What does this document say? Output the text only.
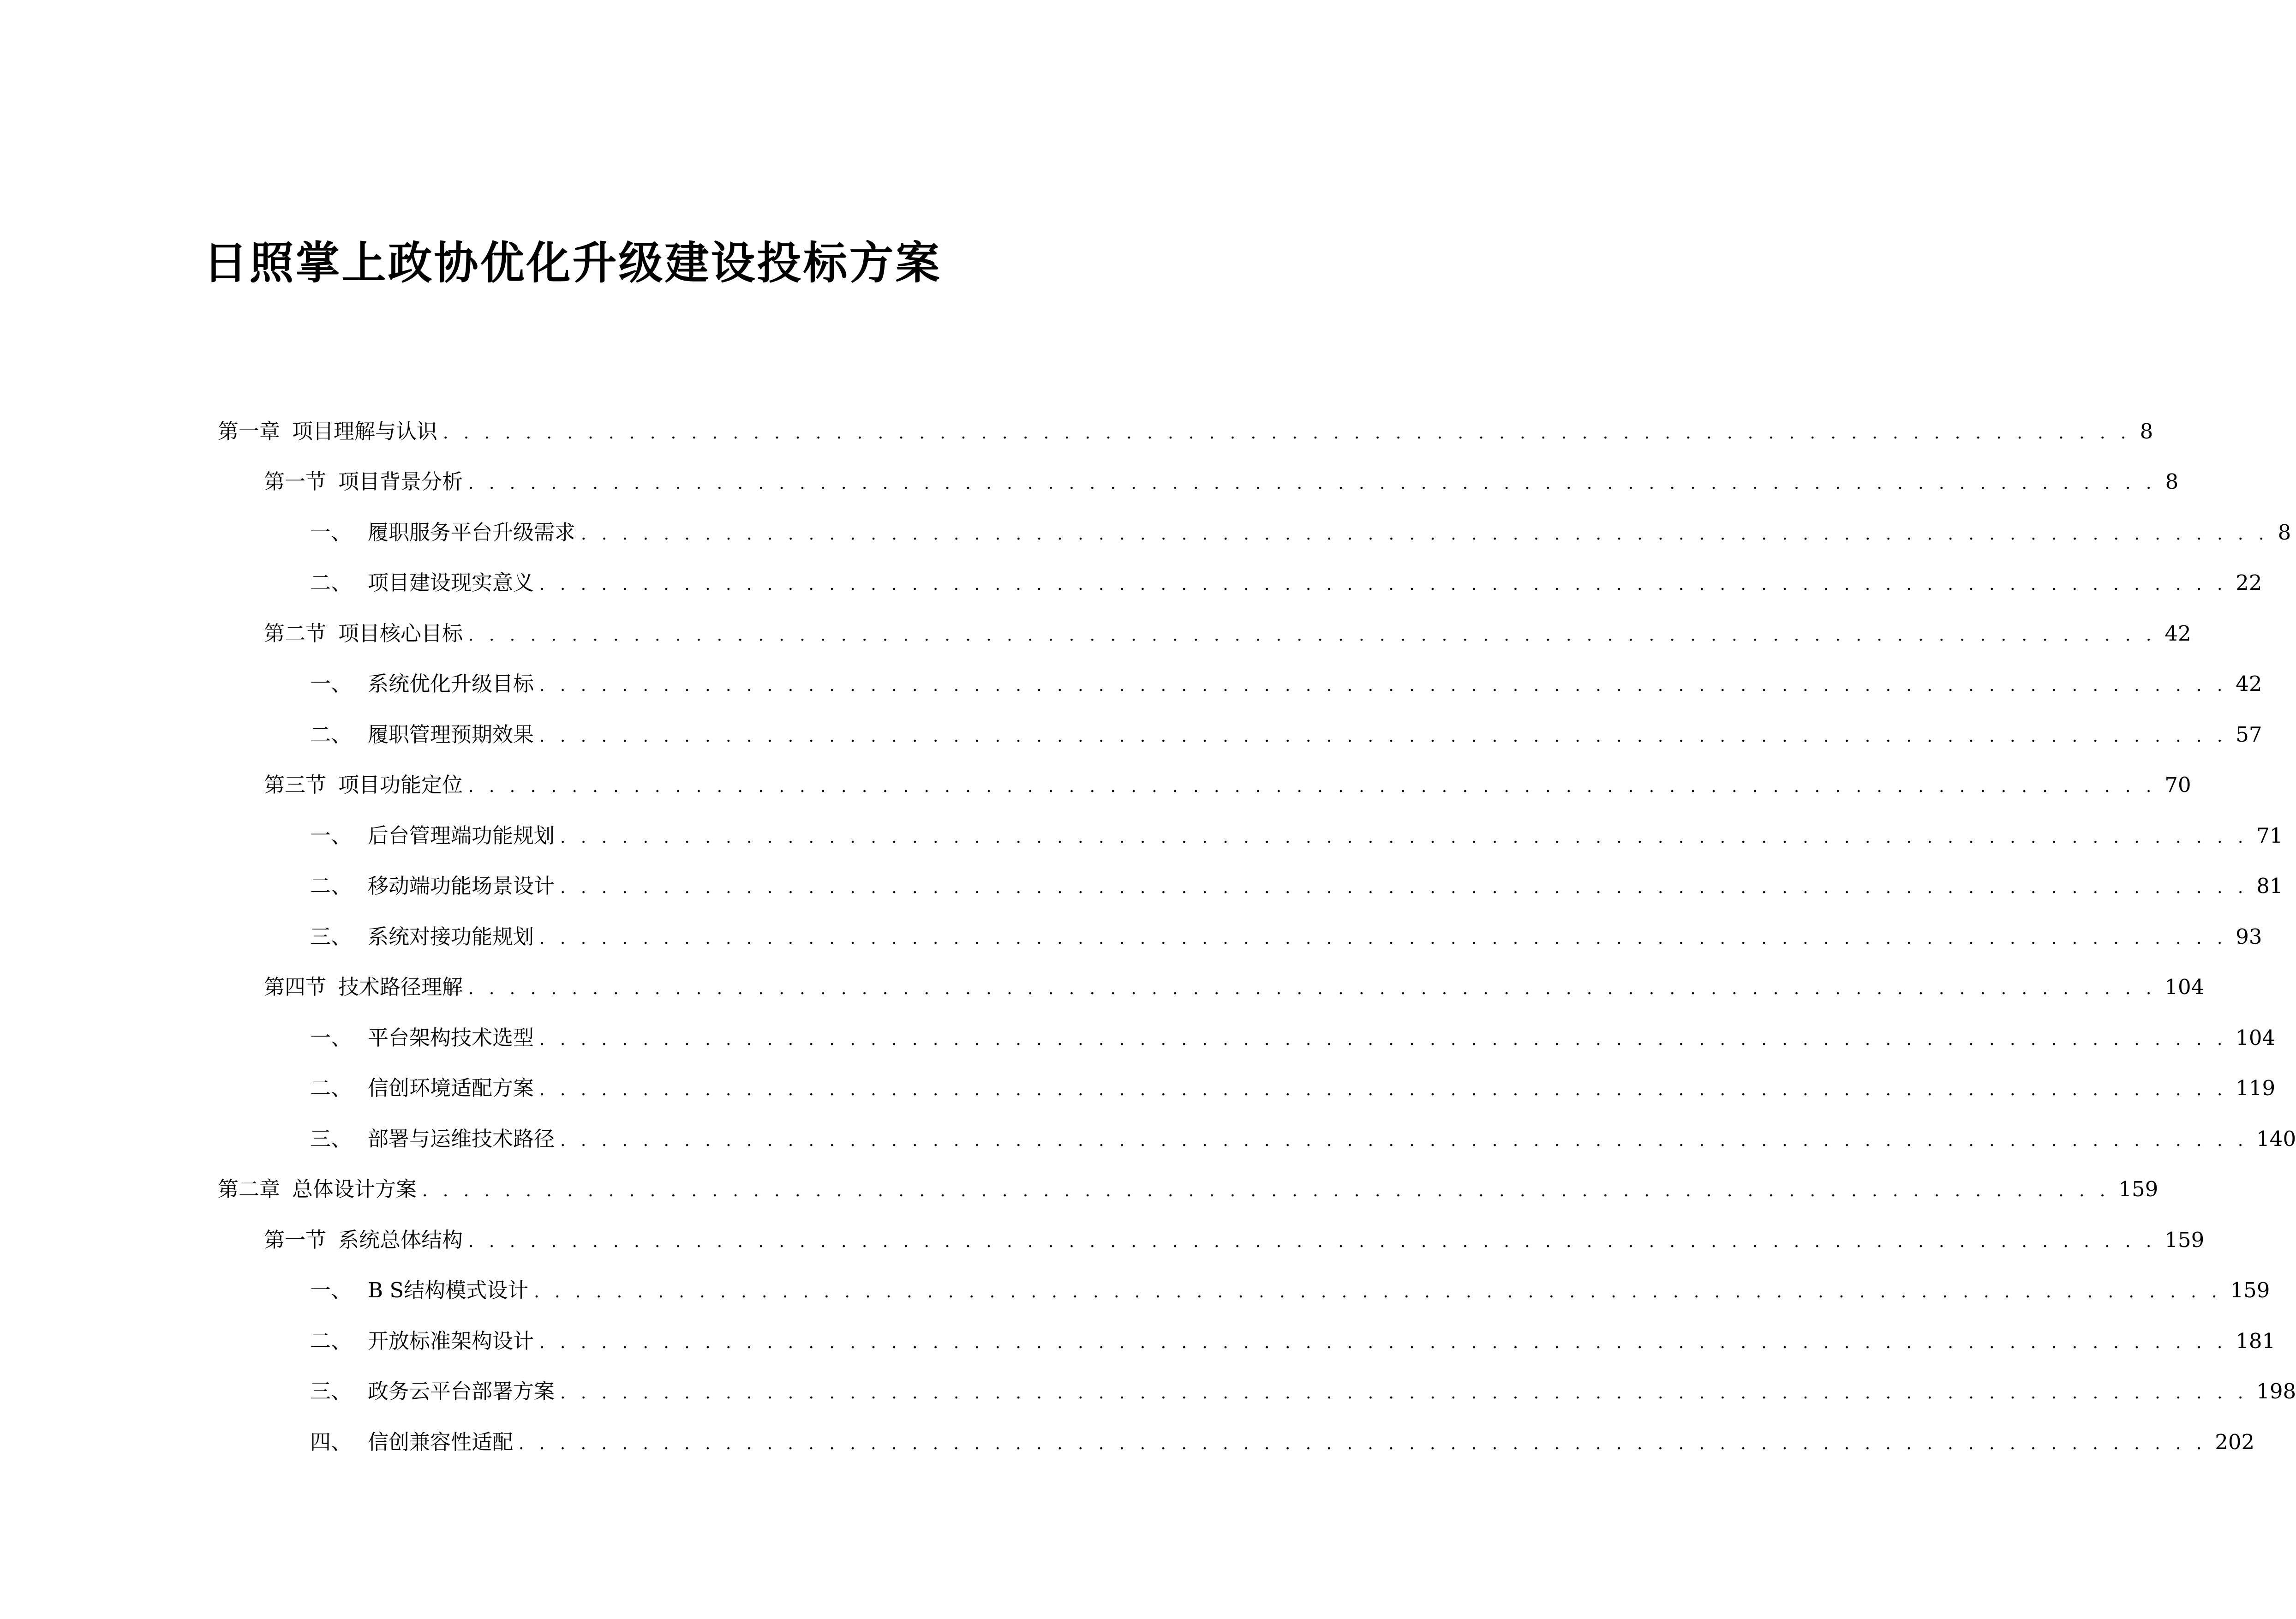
日照掌上政协优化升级建设投标方案
第一章 项目理解与认识 . . . . . . . . . . . . . . . . . . . . . . . . . . . . . . . . . . . . . . . . . . . . . . . . . . . . . . . . . . . . . . . . . . . . . . . . . . . . . . . . . . 8
第一节 项目背景分析 . . . . . . . . . . . . . . . . . . . . . . . . . . . . . . . . . . . . . . . . . . . . . . . . . . . . . . . . . . . . . . . . . . . . . . . . . . . . . . . . . . 8
一、 履职服务平台升级需求 . . . . . . . . . . . . . . . . . . . . . . . . . . . . . . . . . . . . . . . . . . . . . . . . . . . . . . . . . . . . . . . . . . . . . . . . . . . . . . . . . . 8
二、 项目建设现实意义 . . . . . . . . . . . . . . . . . . . . . . . . . . . . . . . . . . . . . . . . . . . . . . . . . . . . . . . . . . . . . . . . . . . . . . . . . . . . . . . . . . 22
第二节 项目核心目标 . . . . . . . . . . . . . . . . . . . . . . . . . . . . . . . . . . . . . . . . . . . . . . . . . . . . . . . . . . . . . . . . . . . . . . . . . . . . . . . . . . 42
一、 系统优化升级目标 . . . . . . . . . . . . . . . . . . . . . . . . . . . . . . . . . . . . . . . . . . . . . . . . . . . . . . . . . . . . . . . . . . . . . . . . . . . . . . . . . . 42
二、 履职管理预期效果 . . . . . . . . . . . . . . . . . . . . . . . . . . . . . . . . . . . . . . . . . . . . . . . . . . . . . . . . . . . . . . . . . . . . . . . . . . . . . . . . . . 57
第三节 项目功能定位 . . . . . . . . . . . . . . . . . . . . . . . . . . . . . . . . . . . . . . . . . . . . . . . . . . . . . . . . . . . . . . . . . . . . . . . . . . . . . . . . . . 70
一、 后台管理端功能规划 . . . . . . . . . . . . . . . . . . . . . . . . . . . . . . . . . . . . . . . . . . . . . . . . . . . . . . . . . . . . . . . . . . . . . . . . . . . . . . . . . . 71
二、 移动端功能场景设计 . . . . . . . . . . . . . . . . . . . . . . . . . . . . . . . . . . . . . . . . . . . . . . . . . . . . . . . . . . . . . . . . . . . . . . . . . . . . . . . . . . 81
三、 系统对接功能规划 . . . . . . . . . . . . . . . . . . . . . . . . . . . . . . . . . . . . . . . . . . . . . . . . . . . . . . . . . . . . . . . . . . . . . . . . . . . . . . . . . . 93
第四节 技术路径理解 . . . . . . . . . . . . . . . . . . . . . . . . . . . . . . . . . . . . . . . . . . . . . . . . . . . . . . . . . . . . . . . . . . . . . . . . . . . . . . . . . . 104
一、 平台架构技术选型 . . . . . . . . . . . . . . . . . . . . . . . . . . . . . . . . . . . . . . . . . . . . . . . . . . . . . . . . . . . . . . . . . . . . . . . . . . . . . . . . . . 104
二、 信创环境适配方案 . . . . . . . . . . . . . . . . . . . . . . . . . . . . . . . . . . . . . . . . . . . . . . . . . . . . . . . . . . . . . . . . . . . . . . . . . . . . . . . . . . 119
三、 部署与运维技术路径 . . . . . . . . . . . . . . . . . . . . . . . . . . . . . . . . . . . . . . . . . . . . . . . . . . . . . . . . . . . . . . . . . . . . . . . . . . . . . . . . . . 140
第二章 总体设计方案 . . . . . . . . . . . . . . . . . . . . . . . . . . . . . . . . . . . . . . . . . . . . . . . . . . . . . . . . . . . . . . . . . . . . . . . . . . . . . . . . . . 159
第一节 系统总体结构 . . . . . . . . . . . . . . . . . . . . . . . . . . . . . . . . . . . . . . . . . . . . . . . . . . . . . . . . . . . . . . . . . . . . . . . . . . . . . . . . . . 159
一、 B S结构模式设计 . . . . . . . . . . . . . . . . . . . . . . . . . . . . . . . . . . . . . . . . . . . . . . . . . . . . . . . . . . . . . . . . . . . . . . . . . . . . . . . . . . 159
二、 开放标准架构设计 . . . . . . . . . . . . . . . . . . . . . . . . . . . . . . . . . . . . . . . . . . . . . . . . . . . . . . . . . . . . . . . . . . . . . . . . . . . . . . . . . . 181
三、 政务云平台部署方案 . . . . . . . . . . . . . . . . . . . . . . . . . . . . . . . . . . . . . . . . . . . . . . . . . . . . . . . . . . . . . . . . . . . . . . . . . . . . . . . . . . 198
四、 信创兼容性适配 . . . . . . . . . . . . . . . . . . . . . . . . . . . . . . . . . . . . . . . . . . . . . . . . . . . . . . . . . . . . . . . . . . . . . . . . . . . . . . . . . . 202
